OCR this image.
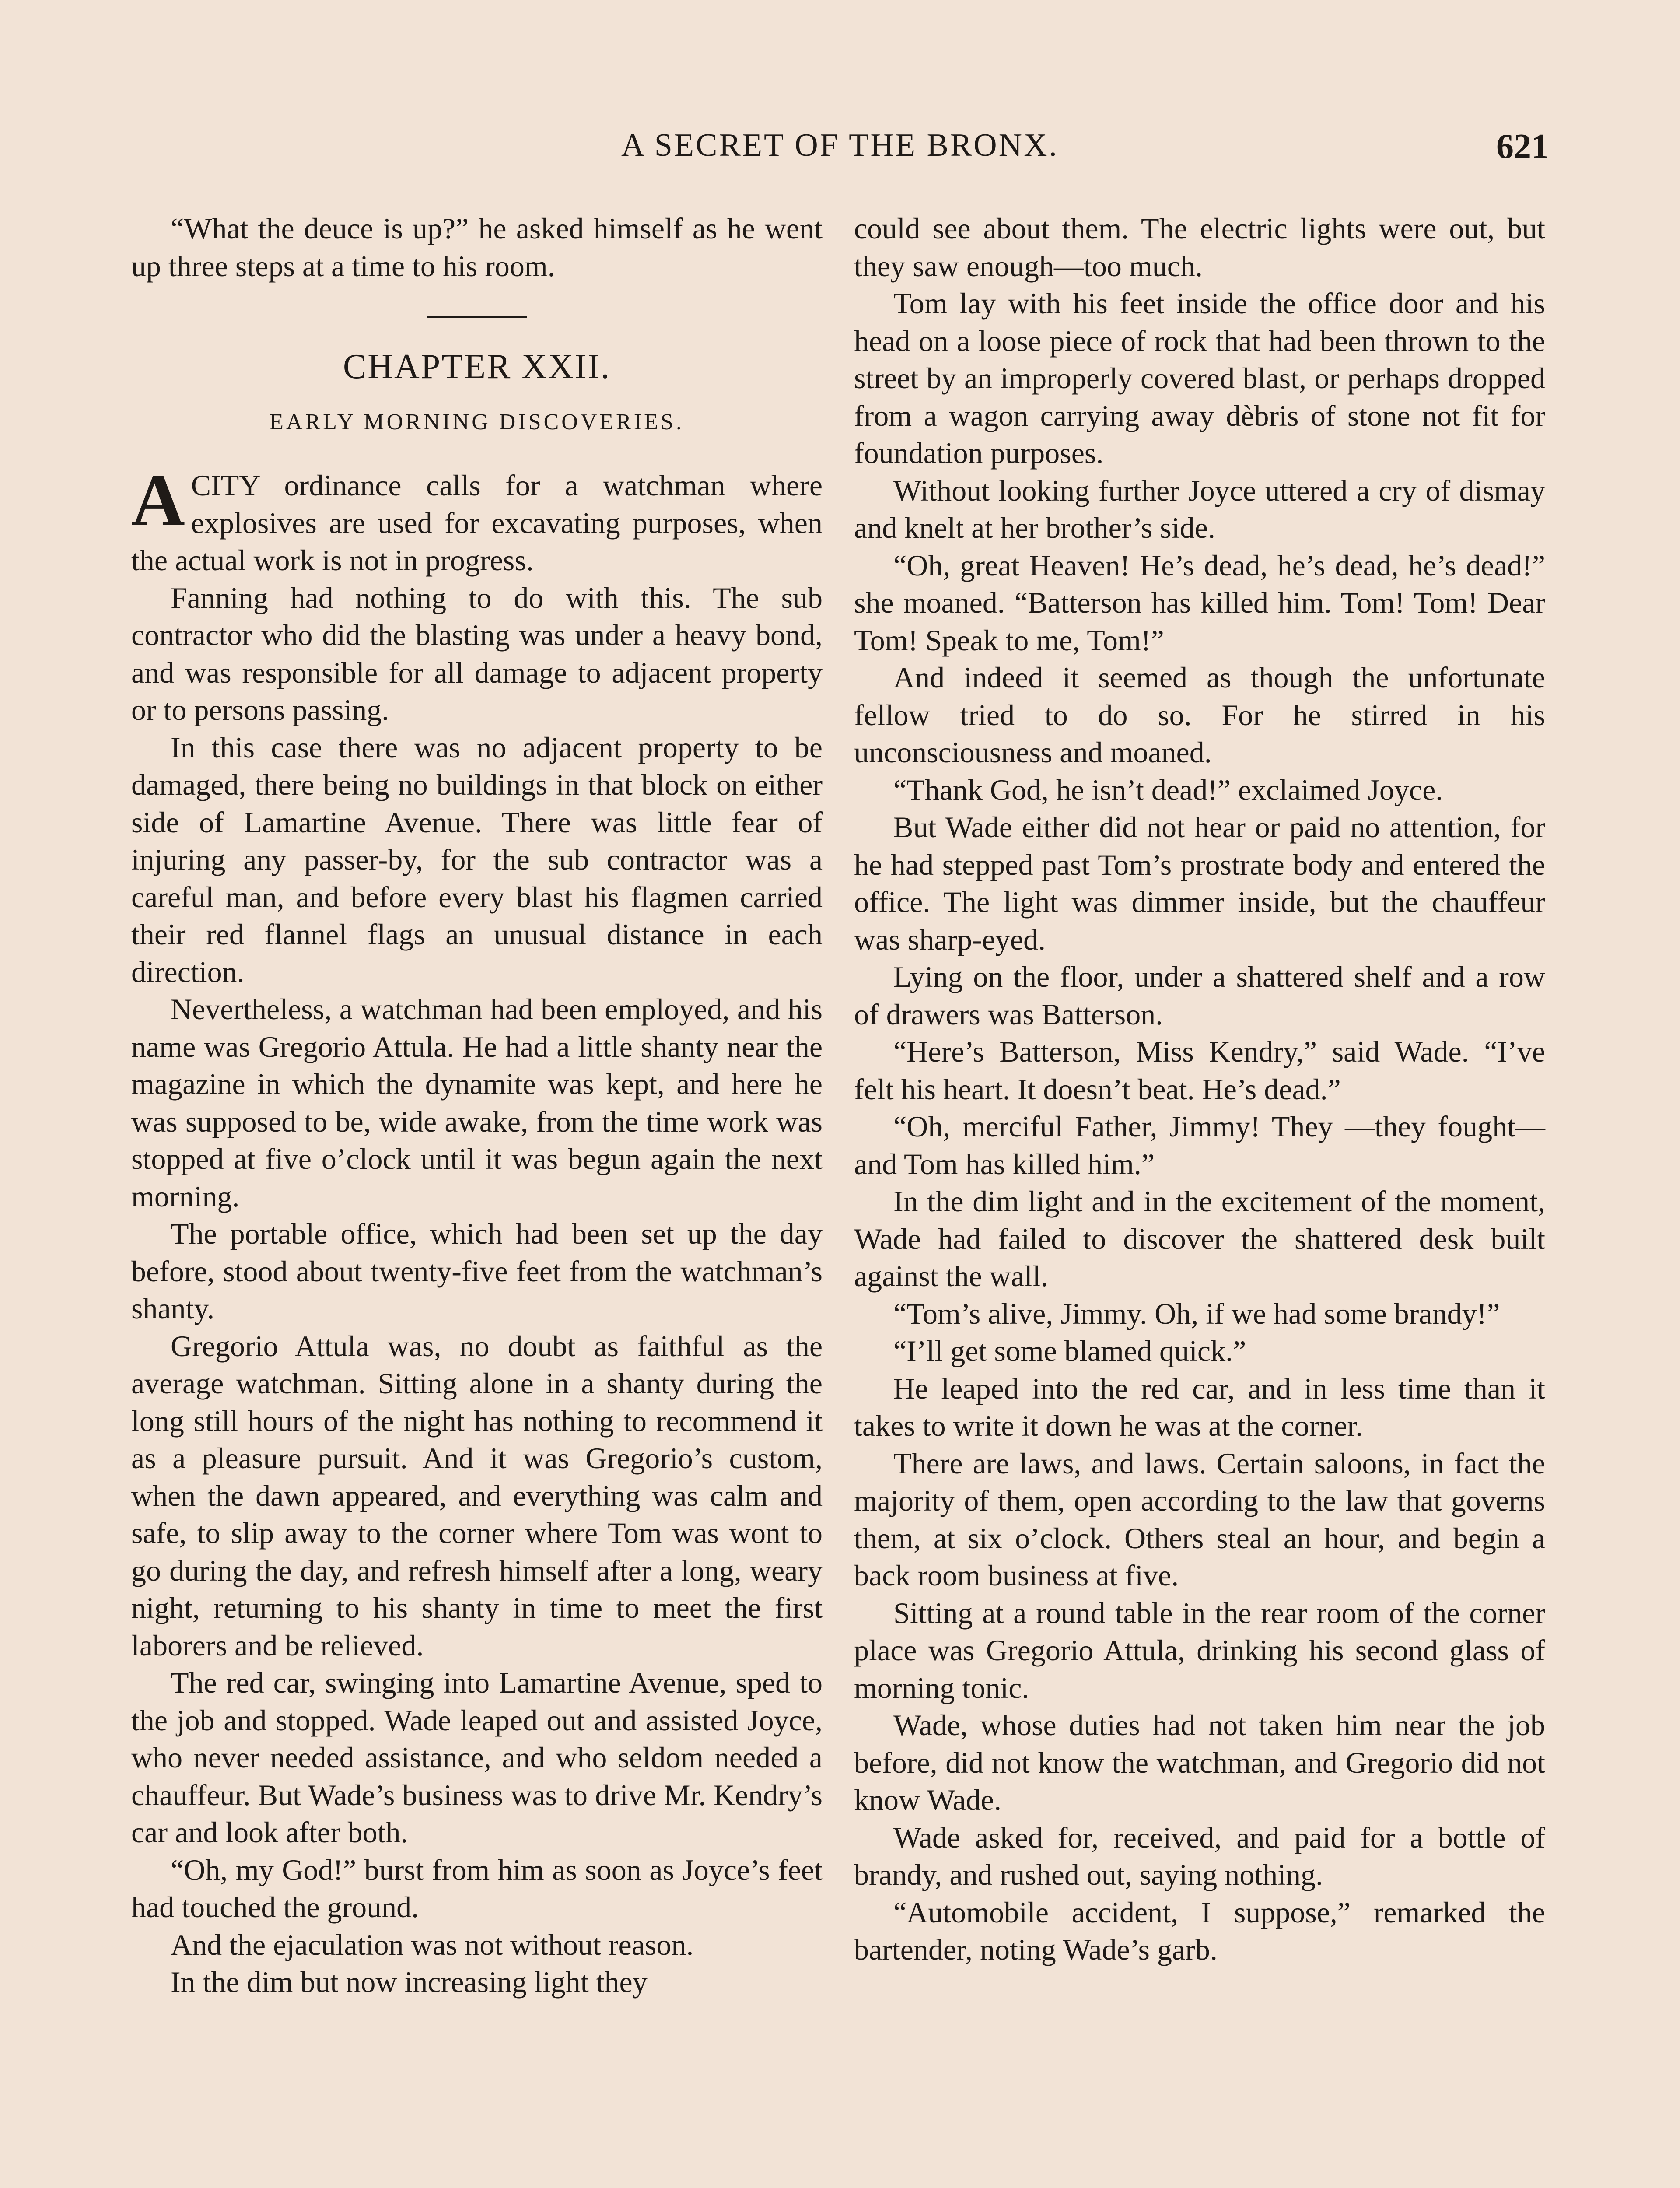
A SECRET OF THE BRONX.	621

“What the deuce is up?” he asked himself as he went up three steps at a time to his room.

CHAPTER XXII.
EARLY MORNING DISCOVERIES.

ACITY ordinance calls for a watchman where explosives are used for excavating purposes, when the actual work is not in progress.

Fanning had nothing to do with this. The sub contractor who did the blasting was under a heavy bond, and was responsible for all damage to adjacent property or to persons passing.

In this case there was no adjacent property to be damaged, there being no buildings in that block on either side of Lamartine Avenue. There was little fear of injuring any passer-by, for the sub contractor was a careful man, and before every blast his flagmen carried their red flannel flags an unusual distance in each direction.

Nevertheless, a watchman had been employed, and his name was Gregorio Attula. He had a little shanty near the magazine in which the dynamite was kept, and here he was supposed to be, wide awake, from the time work was stopped at five o’clock until it was begun again the next morning.

The portable office, which had been set up the day before, stood about twenty-five feet from the watchman’s shanty.

Gregorio Attula was, no doubt as faithful as the average watchman. Sitting alone in a shanty during the long still hours of the night has nothing to recommend it as a pleasure pursuit. And it was Gregorio’s custom, when the dawn appeared, and everything was calm and safe, to slip away to the corner where Tom was wont to go during the day, and refresh himself after a long, weary night, returning to his shanty in time to meet the first laborers and be relieved.

The red car, swinging into Lamartine Avenue, sped to the job and stopped. Wade leaped out and assisted Joyce, who never needed assistance, and who seldom needed a chauffeur. But Wade’s business was to drive Mr. Kendry’s car and look after both.

“Oh, my God!” burst from him as soon as Joyce’s feet had touched the ground.

And the ejaculation was not without reason.

In the dim but now increasing light they

could see about them. The electric lights were out, but they saw enough—too much.

Tom lay with his feet inside the office door and his head on a loose piece of rock that had been thrown to the street by an improperly covered blast, or perhaps dropped from a wagon carrying away dèbris of stone not fit for foundation purposes.

Without looking further Joyce uttered a cry of dismay and knelt at her brother’s side.

“Oh, great Heaven! He’s dead, he’s dead, he’s dead!” she moaned. “Batterson has killed him. Tom! Tom! Dear Tom! Speak to me, Tom!”

And indeed it seemed as though the unfortunate fellow tried to do so. For he stirred in his unconsciousness and moaned.

“Thank God, he isn’t dead!” exclaimed Joyce.

But Wade either did not hear or paid no attention, for he had stepped past Tom’s prostrate body and entered the office. The light was dimmer inside, but the chauffeur was sharp-eyed.

Lying on the floor, under a shattered shelf and a row of drawers was Batterson.

“Here’s Batterson, Miss Kendry,” said Wade. “I’ve felt his heart. It doesn’t beat. He’s dead.”

“Oh, merciful Father, Jimmy! They —they fought—and Tom has killed him.”

In the dim light and in the excitement of the moment, Wade had failed to discover the shattered desk built against the wall.

“Tom’s alive, Jimmy. Oh, if we had some brandy!”

“I’ll get some blamed quick.”

He leaped into the red car, and in less time than it takes to write it down he was at the corner.

There are laws, and laws. Certain saloons, in fact the majority of them, open according to the law that governs them, at six o’clock. Others steal an hour, and begin a back room business at five.

Sitting at a round table in the rear room of the corner place was Gregorio Attula, drinking his second glass of morning tonic.

Wade, whose duties had not taken him near the job before, did not know the watchman, and Gregorio did not know Wade.

Wade asked for, received, and paid for a bottle of brandy, and rushed out, saying nothing.

“Automobile accident, I suppose,” remarked the bartender, noting Wade’s garb.
